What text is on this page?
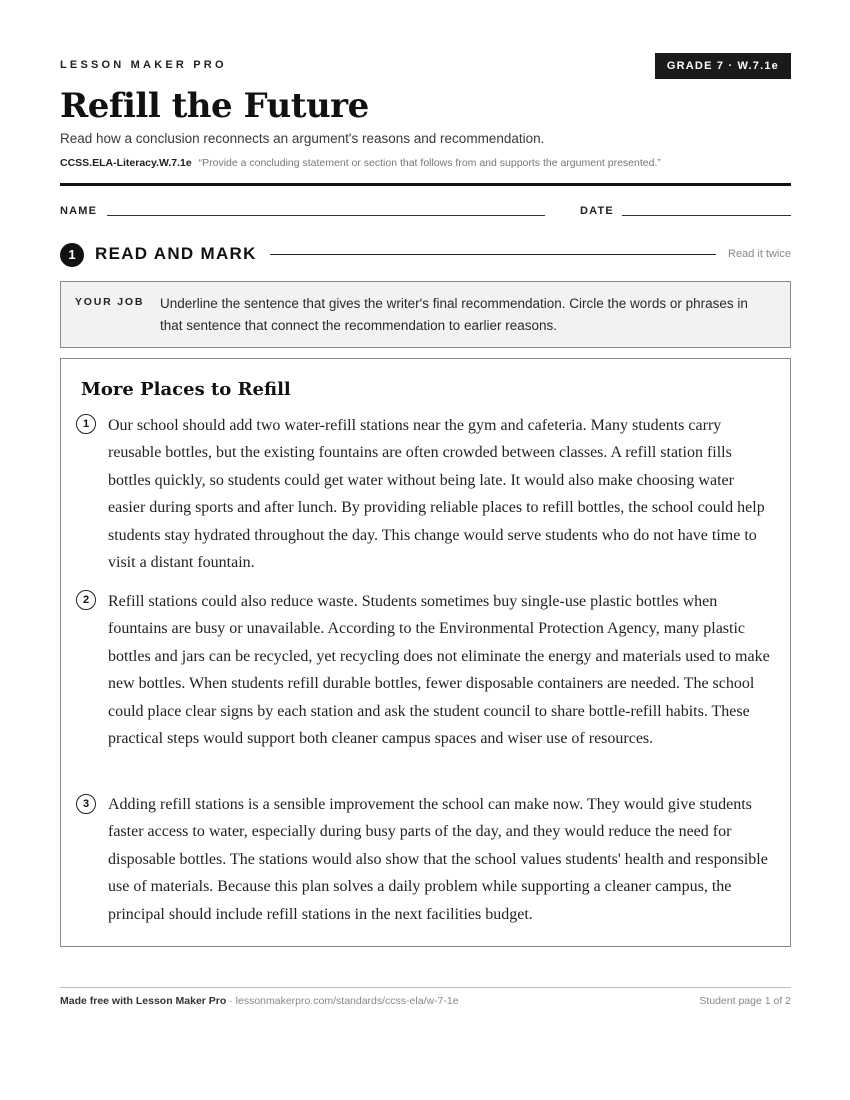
LESSON MAKER PRO	GRADE 7 · W.7.1e
Refill the Future
Read how a conclusion reconnects an argument's reasons and recommendation.
CCSS.ELA-Literacy.W.7.1e “Provide a concluding statement or section that follows from and supports the argument presented.”
NAME	DATE
1	READ AND MARK	Read it twice
YOUR JOB Underline the sentence that gives the writer's final recommendation. Circle the words or phrases in that sentence that connect the recommendation to earlier reasons.
More Places to Refill
1	Our school should add two water-refill stations near the gym and cafeteria. Many students carry reusable bottles, but the existing fountains are often crowded between classes. A refill station fills bottles quickly, so students could get water without being late. It would also make choosing water easier during sports and after lunch. By providing reliable places to refill bottles, the school could help students stay hydrated throughout the day. This change would serve students who do not have time to visit a distant fountain.

2	Refill stations could also reduce waste. Students sometimes buy single-use plastic bottles when fountains are busy or unavailable. According to the Environmental Protection Agency, many plastic bottles and jars can be recycled, yet recycling does not eliminate the energy and materials used to make new bottles. When students refill durable bottles, fewer disposable containers are needed. The school could place clear signs by each station and ask the student council to share bottle-refill habits. These practical steps would support both cleaner campus spaces and wiser use of resources.

3	Adding refill stations is a sensible improvement the school can make now. They would give students faster access to water, especially during busy parts of the day, and they would reduce the need for disposable bottles. The stations would also show that the school values students' health and responsible use of materials. Because this plan solves a daily problem while supporting a cleaner campus, the principal should include refill stations in the next facilities budget.

Made free with Lesson Maker Pro · lessonmakerpro.com/standards/ccss-ela/w-7-1e	Student page 1 of 2
